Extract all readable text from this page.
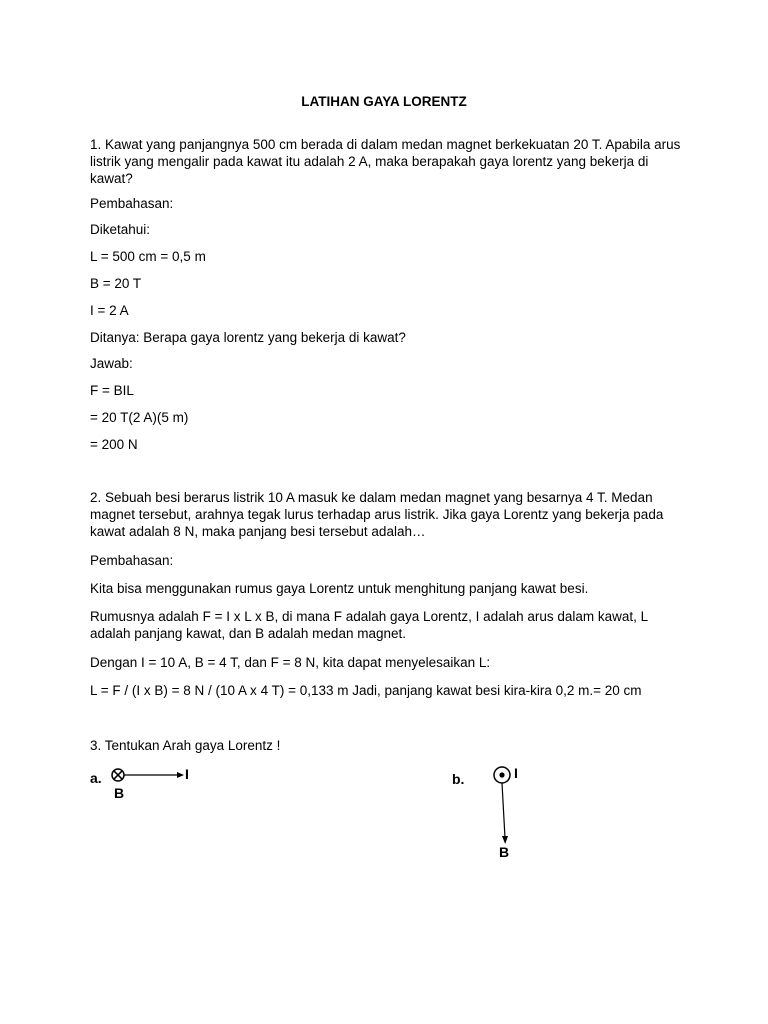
LATIHAN GAYA LORENTZ

1. Kawat yang panjangnya 500 cm berada di dalam medan magnet berkekuatan 20 T. Apabila arus listrik yang mengalir pada kawat itu adalah 2 A, maka berapakah gaya lorentz yang bekerja di kawat?

Pembahasan:

Diketahui:

L = 500 cm = 0,5 m

B = 20 T

I = 2 A

Ditanya: Berapa gaya lorentz yang bekerja di kawat?

Jawab:

F = BIL

= 20 T(2 A)(5 m)

= 200 N

2. Sebuah besi berarus listrik 10 A masuk ke dalam medan magnet yang besarnya 4 T. Medan magnet tersebut, arahnya tegak lurus terhadap arus listrik. Jika gaya Lorentz yang bekerja pada kawat adalah 8 N, maka panjang besi tersebut adalah…

Pembahasan:

Kita bisa menggunakan rumus gaya Lorentz untuk menghitung panjang kawat besi.

Rumusnya adalah F = I x L x B, di mana F adalah gaya Lorentz, I adalah arus dalam kawat, L adalah panjang kawat, dan B adalah medan magnet.

Dengan I = 10 A, B = 4 T, dan F = 8 N, kita dapat menyelesaikan L:

L = F / (I x B) = 8 N / (10 A x 4 T) = 0,133 m Jadi, panjang kawat besi kira-kira 0,2 m.= 20 cm

3. Tentukan Arah gaya Lorentz !

a.	I
B
b.	I
B
